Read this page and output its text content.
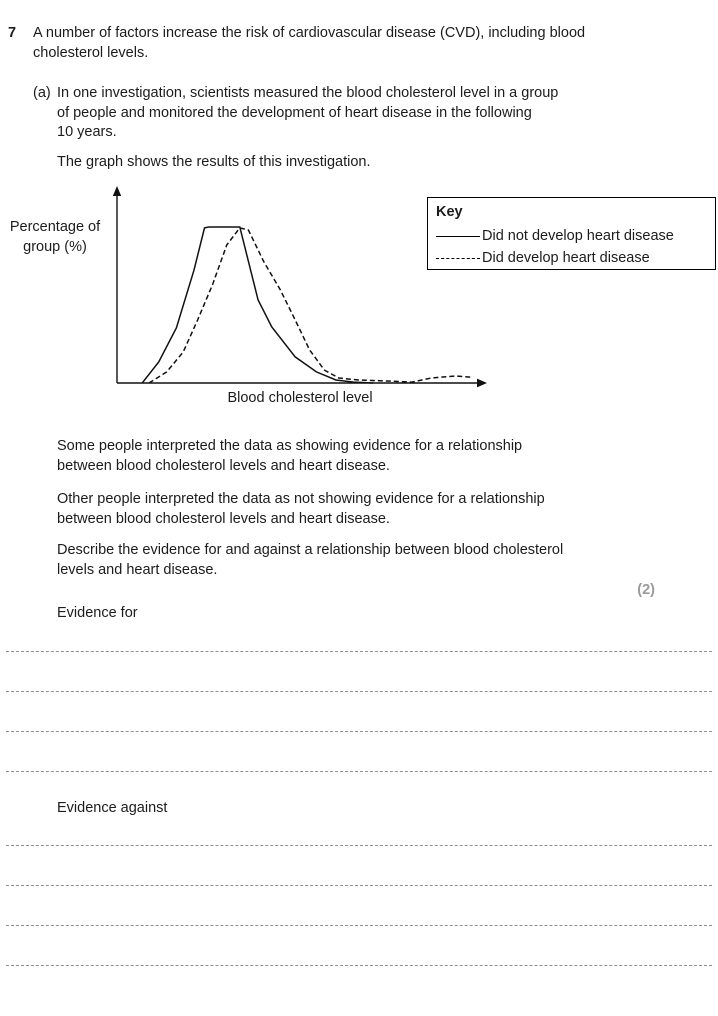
7 A number of factors increase the risk of cardiovascular disease (CVD), including blood
cholesterol levels.
(a) In one investigation, scientists measured the blood cholesterol level in a group
of people and monitored the development of heart disease in the following
10 years.
The graph shows the results of this investigation.
Percentage of
group (%)
Key
Did not develop heart disease
Did develop heart disease
Blood cholesterol level
Some people interpreted the data as showing evidence for a relationship
between blood cholesterol levels and heart disease.
Other people interpreted the data as not showing evidence for a relationship
between blood cholesterol levels and heart disease.
Describe the evidence for and against a relationship between blood cholesterol
levels and heart disease.
(2)
Evidence for
Evidence against
